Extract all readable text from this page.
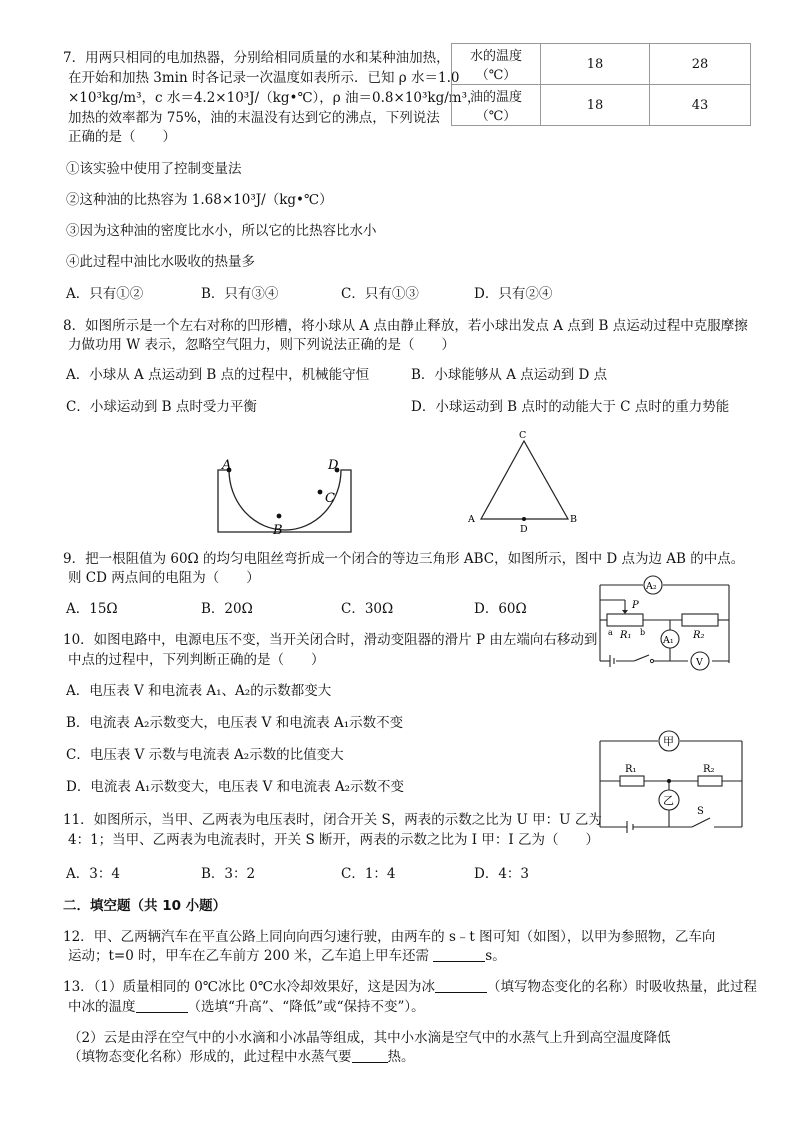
7．用两只相同的电加热器，分别给相同质量的水和某种油加热，
在开始和加热 3min 时各记录一次温度如表所示．已知 ρ 水＝1.0
×10³kg/m³，c 水＝4.2×10³J/（kg•℃），ρ 油＝0.8×10³kg/m³，
加热的效率都为 75%，油的末温没有达到它的沸点，下列说法
正确的是（　　）
水的温度（℃）	18	28
油的温度（℃）	18	43
①该实验中使用了控制变量法
②这种油的比热容为 1.68×10³J/（kg•℃）
③因为这种油的密度比水小，所以它的比热容比水小
④此过程中油比水吸收的热量多
A．只有①②	B．只有③④	C．只有①③	D．只有②④
8．如图所示是一个左右对称的凹形槽，将小球从 A 点由静止释放，若小球出发点 A 点到 B 点运动过程中克服摩擦
力做功用 W 表示，忽略空气阻力，则下列说法正确的是（　　）
A．小球从 A 点运动到 B 点的过程中，机械能守恒	B．小球能够从 A 点运动到 D 点
C．小球运动到 B 点时受力平衡	D．小球运动到 B 点时的动能大于 C 点时的重力势能
A	D
C
B
C
A	B
D
9．把一根阻值为 60Ω 的均匀电阻丝弯折成一个闭合的等边三角形 ABC，如图所示，图中 D 点为边 AB 的中点。
则 CD 两点间的电阻为（　　）
A．15Ω	B．20Ω	C．30Ω	D．60Ω
A₂
A₁
V
P
a	b
R₁	R₂
10．如图电路中，电源电压不变，当开关闭合时，滑动变阻器的滑片 P 由左端向右移动到
中点的过程中，下列判断正确的是（　　）
A．电压表 V 和电流表 A₁、A₂的示数都变大
B．电流表 A₂示数变大，电压表 V 和电流表 A₁示数不变
C．电压表 V 示数与电流表 A₂示数的比值变大
D．电流表 A₁示数变大，电压表 V 和电流表 A₂示数不变
甲
乙
R₁	R₂
S
11．如图所示，当甲、乙两表为电压表时，闭合开关 S，两表的示数之比为 U 甲：U 乙为
4：1；当甲、乙两表为电流表时，开关 S 断开，两表的示数之比为 I 甲：I 乙为（　　）
A．3：4	B．3：2	C．1：4	D．4：3
二．填空题（共 10 小题）
12．甲、乙两辆汽车在平直公路上同向向西匀速行驶，由两车的 s﹣t 图可知（如图），以甲为参照物，乙车向
运动；t=0 时，甲车在乙车前方 200 米，乙车追上甲车还需	s。
13．（1）质量相同的 0℃冰比 0℃水冷却效果好，这是因为冰	（填写物态变化的名称）时吸收热量，此过程
中冰的温度	（选填“升高”、“降低”或“保持不变”）。
（2）云是由浮在空气中的小水滴和小冰晶等组成，其中小水滴是空气中的水蒸气上升到高空温度降低
（填物态变化名称）形成的，此过程中水蒸气要	热。
